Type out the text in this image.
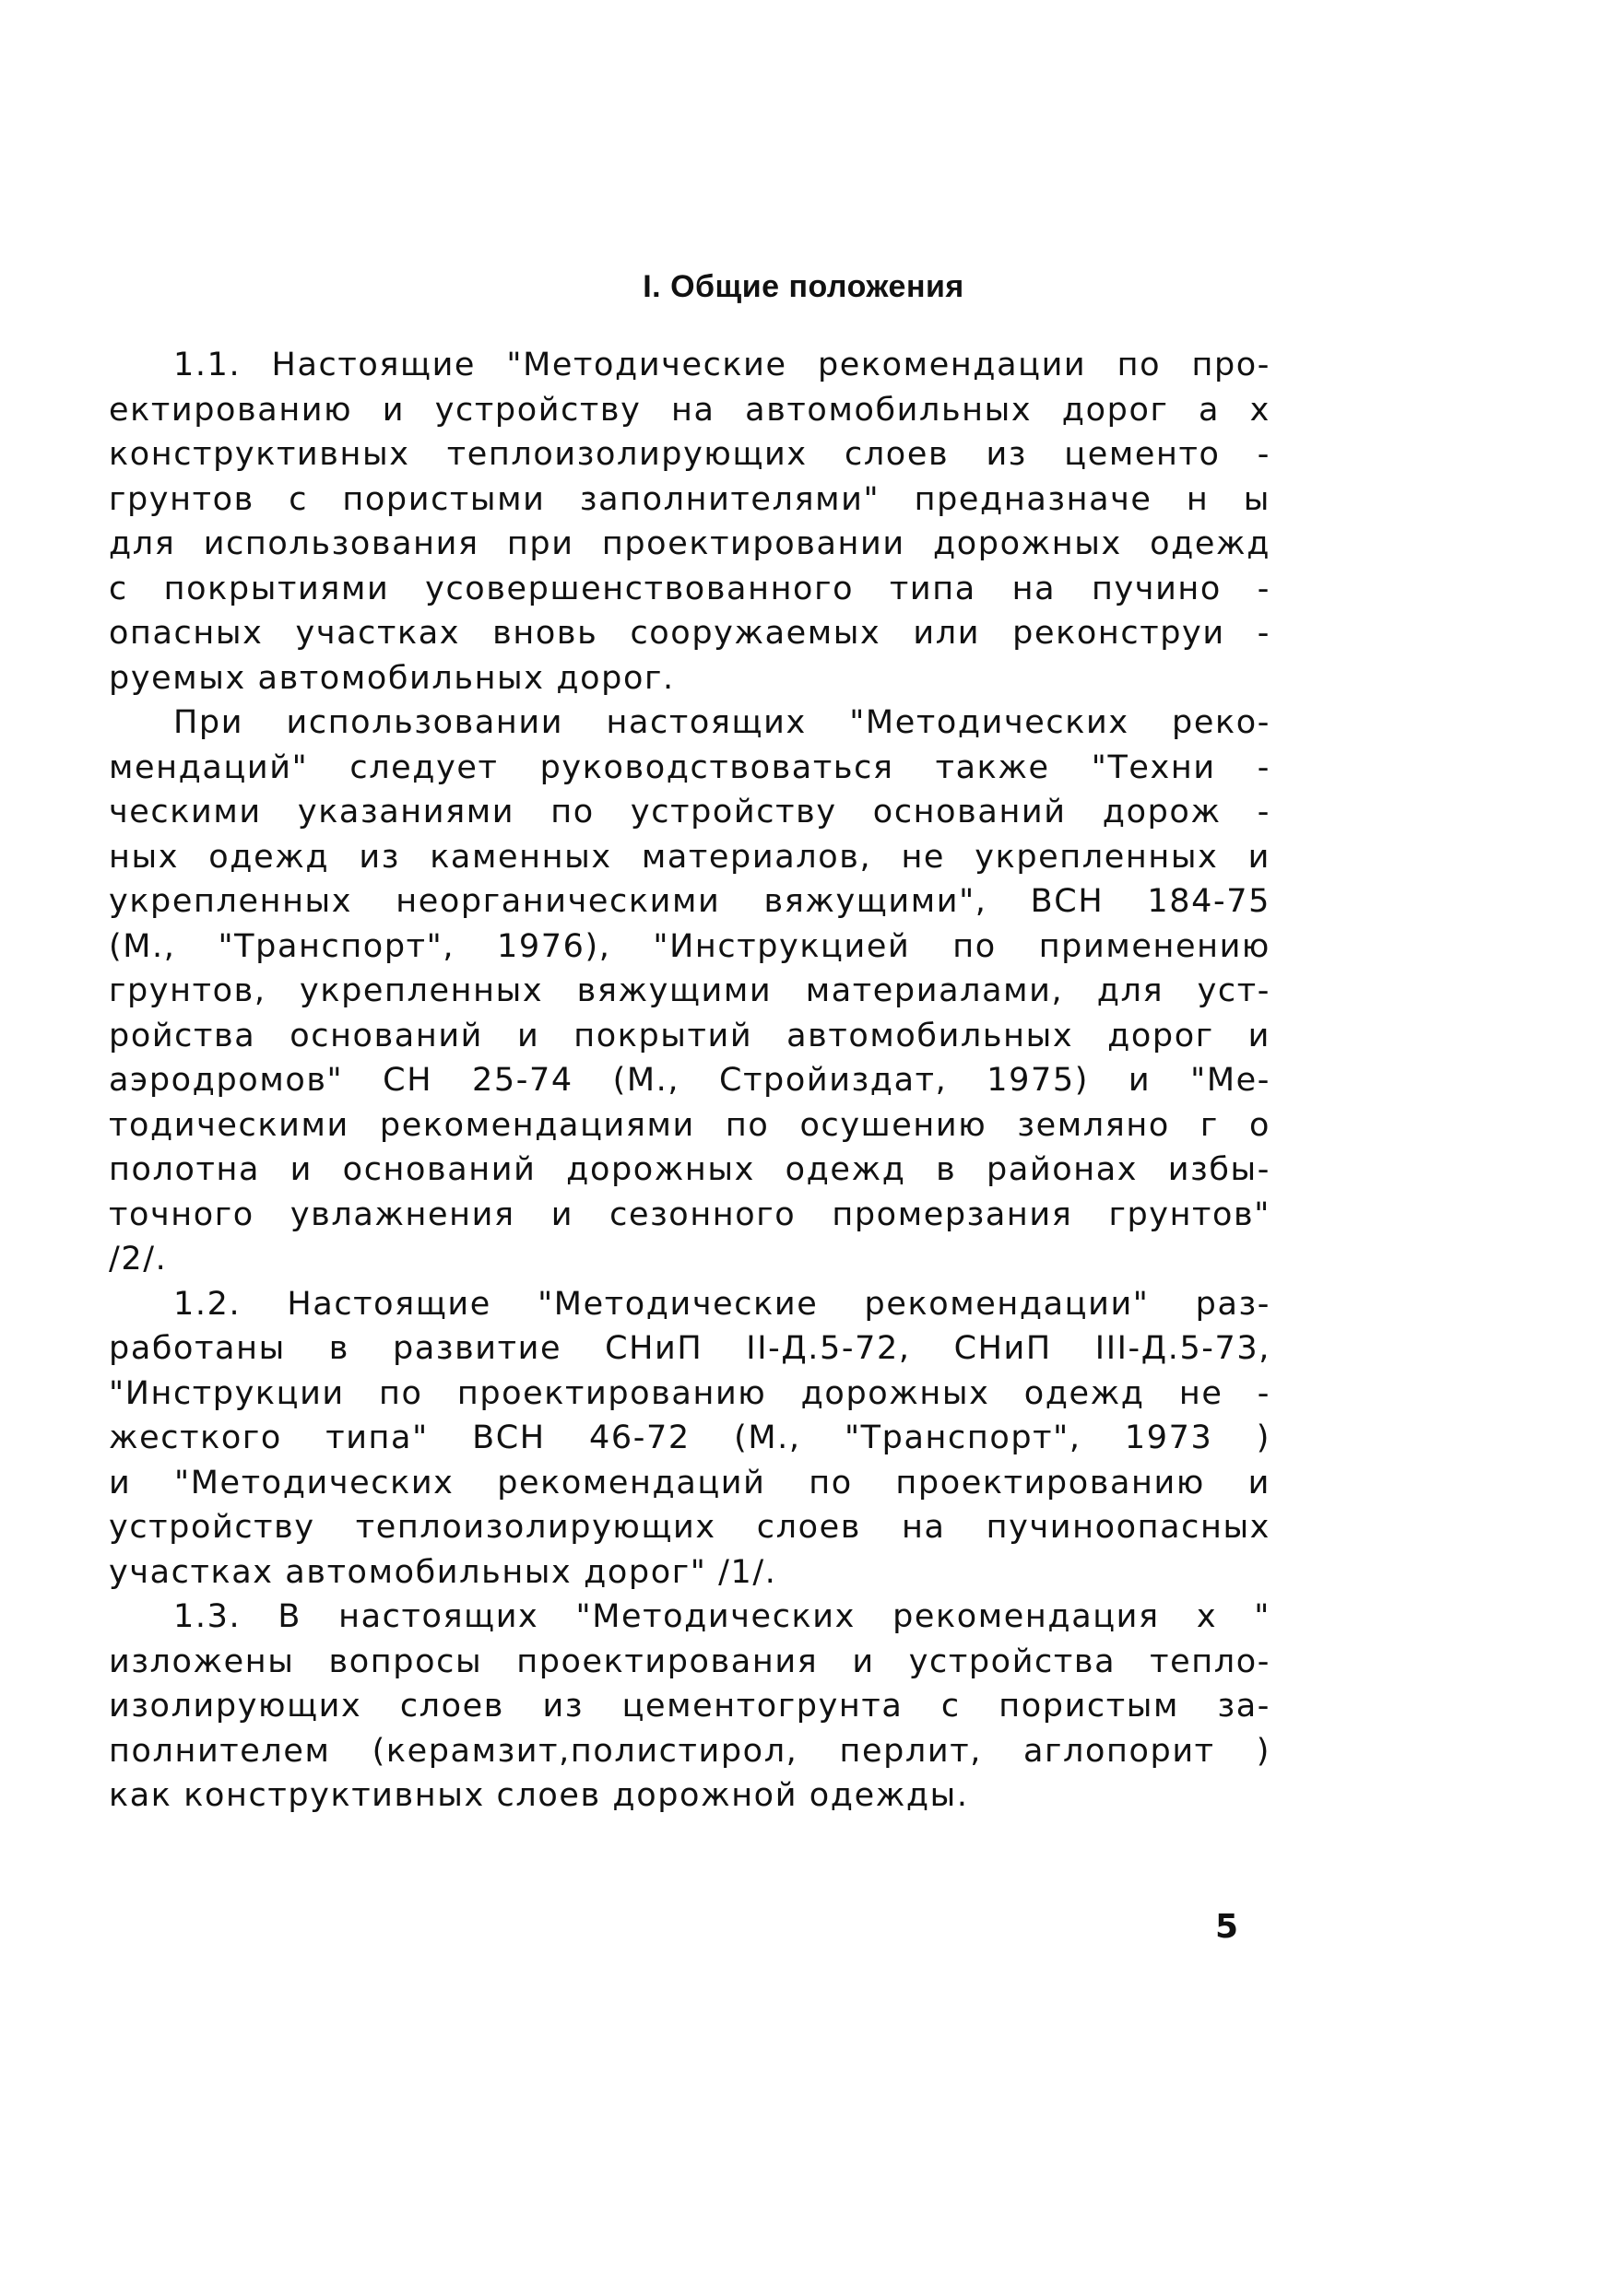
I. Общие положения
1.1. Настоящие "Методические рекомендации по про-
ектированию и устройству на автомобильных дорог а х
конструктивных теплоизолирующих слоев из цементо -
грунтов с пористыми заполнителями" предназначе н ы
для использования при проектировании дорожных одежд
с покрытиями усовершенствованного типа на пучино -
опасных участках вновь сооружаемых или реконструи -
руемых автомобильных дорог.
При использовании настоящих "Методических реко-
мендаций" следует руководствоваться также "Техни -
ческими указаниями по устройству оснований дорож -
ных одежд из каменных материалов, не укрепленных и
укрепленных неорганическими вяжущими", ВСН 184-75
(М., "Транспорт", 1976), "Инструкцией по применению
грунтов, укрепленных вяжущими материалами, для уст-
ройства оснований и покрытий автомобильных дорог и
аэродромов" СН 25-74 (М., Стройиздат, 1975) и "Ме-
тодическими рекомендациями по осушению земляно г о
полотна и оснований дорожных одежд в районах избы-
точного увлажнения и сезонного промерзания грунтов"
/2/.
1.2. Настоящие "Методические рекомендации" раз-
работаны в развитие СНиП II-Д.5-72, СНиП III-Д.5-73,
"Инструкции по проектированию дорожных одежд не -
жесткого типа" ВСН 46-72 (М., "Транспорт", 1973 )
и "Методических рекомендаций по проектированию и
устройству теплоизолирующих слоев на пучиноопасных
участках автомобильных дорог" /1/.
1.3. В настоящих "Методических рекомендация х "
изложены вопросы проектирования и устройства тепло-
изолирующих слоев из цементогрунта с пористым за-
полнителем (керамзит,полистирол, перлит, аглопорит )
как конструктивных слоев дорожной одежды.
5
